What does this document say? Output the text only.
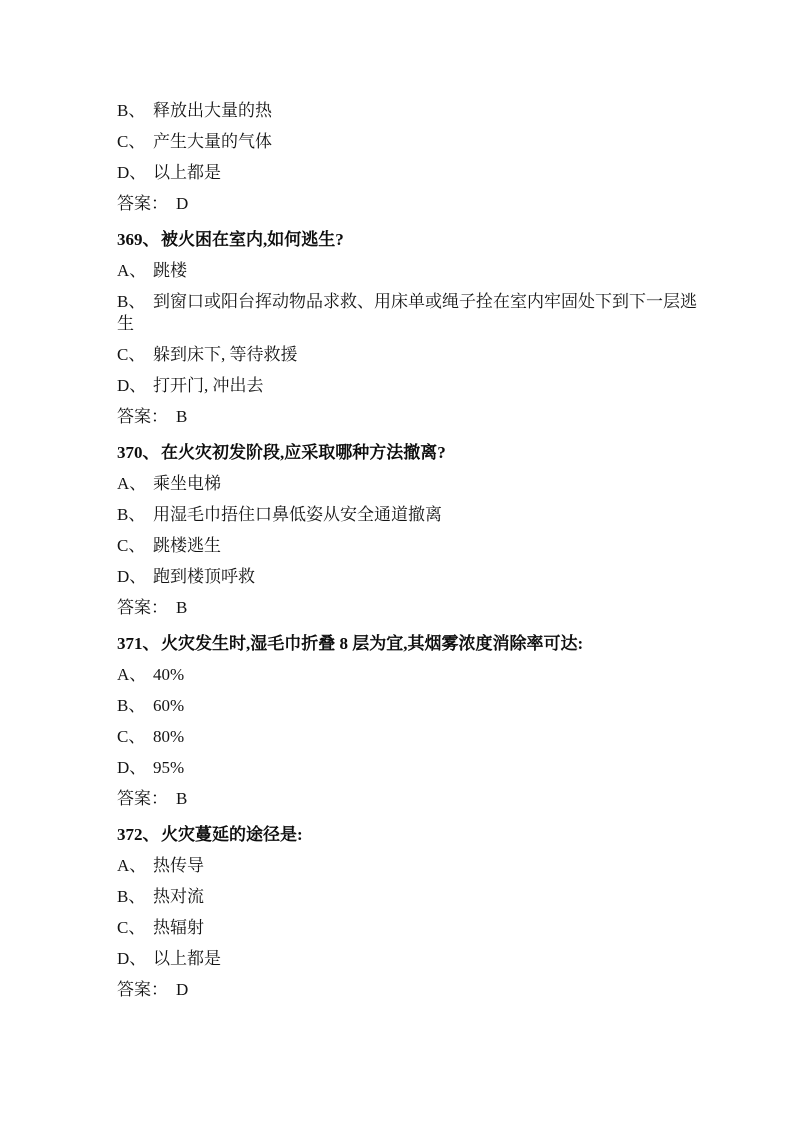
B、 释放出大量的热

C、 产生大量的气体

D、 以上都是

答案： D

369、被火困在室内,如何逃生?

A、 跳楼

B、 到窗口或阳台挥动物品求救、用床单或绳子拴在室内牢固处下到下一层逃生

C、 躲到床下, 等待救援

D、 打开门, 冲出去

答案： B

370、在火灾初发阶段,应采取哪种方法撤离?

A、 乘坐电梯

B、 用湿毛巾捂住口鼻低姿从安全通道撤离

C、 跳楼逃生

D、 跑到楼顶呼救

答案： B

371、火灾发生时,湿毛巾折叠 8 层为宜,其烟雾浓度消除率可达:

A、 40%

B、 60%

C、 80%

D、 95%

答案： B

372、火灾蔓延的途径是:

A、 热传导

B、 热对流

C、 热辐射

D、 以上都是

答案： D
